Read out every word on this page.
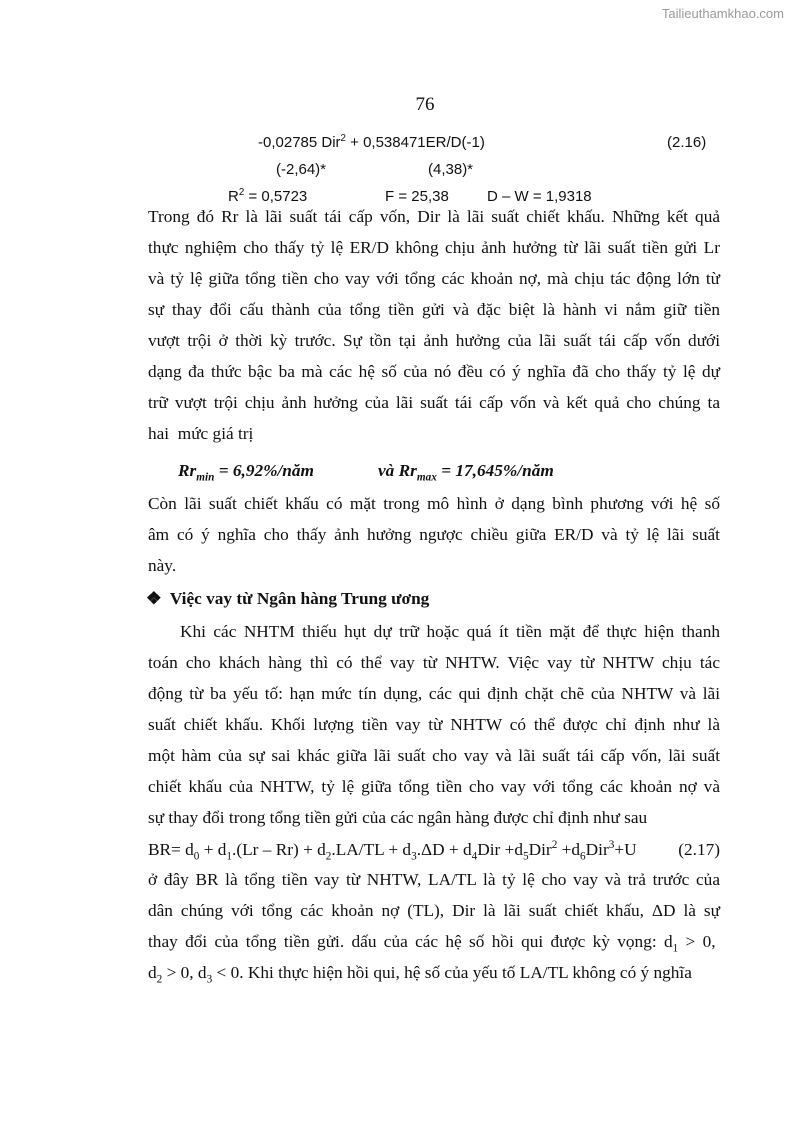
Tailieuthamkhao.com
76
-0,02785 Dir$^2$ + 0,538471ER/D(-1)	(2.16)
(-2,64)*	(4,38)*
$R^2 = 0,5723$	F = 25,38	D – W = 1,9318
Trong đó Rr là lãi suất tái cấp vốn, Dir là lãi suất chiết khấu. Những kết quả
thực nghiệm cho thấy tỷ lệ ER/D không chịu ảnh hưởng từ lãi suất tiền gửi Lr
và tỷ lệ giữa tổng tiền cho vay với tổng các khoản nợ, mà chịu tác động lớn từ
sự thay đổi cấu thành của tổng tiền gửi và đặc biệt là hành vi nắm giữ tiền
vượt trội ở thời kỳ trước. Sự tồn tại ảnh hưởng của lãi suất tái cấp vốn dưới
dạng đa thức bậc ba mà các hệ số của nó đều có ý nghĩa đã cho thấy tỷ lệ dự
trữ vượt trội chịu ảnh hưởng của lãi suất tái cấp vốn và kết quả cho chúng ta
hai  mức giá trị
$Rr_{min}$ = 6,92%/năm	và $Rr_{max}$ = 17,645%/năm
Còn lãi suất chiết khấu có mặt trong mô hình ở dạng bình phương với hệ số
âm có ý nghĩa cho thấy ảnh hưởng ngược chiều giữa ER/D và tỷ lệ lãi suất
này.
❖ Việc vay từ Ngân hàng Trung ương
Khi các NHTM thiếu hụt dự trữ hoặc quá ít tiền mặt để thực hiện thanh
toán cho khách hàng thì có thể vay từ NHTW. Việc vay từ NHTW chịu tác
động từ ba yếu tố: hạn mức tín dụng, các qui định chặt chẽ của NHTW và lãi
suất chiết khấu. Khối lượng tiền vay từ NHTW có thể được chỉ định như là
một hàm của sự sai khác giữa lãi suất cho vay và lãi suất tái cấp vốn, lãi suất
chiết khấu của NHTW, tỷ lệ giữa tổng tiền cho vay với tổng các khoản nợ và
sự thay đổi trong tổng tiền gửi của các ngân hàng được chỉ định như sau
$BR= d_0 + d_1.(Lr - Rr) + d_2.LA/TL + d_3.\Delta D + d_4Dir +d_5Dir^2 +d_6Dir^3+U$ (2.17)
ở đây BR là tổng tiền vay từ NHTW, LA/TL là tỷ lệ cho vay và trả trước của
dân chúng với tổng các khoản nợ (TL), Dir là lãi suất chiết khấu, ΔD là sự
thay đổi của tổng tiền gửi. dấu của các hệ số hồi qui được kỳ vọng: $d_1 > 0$,
$d_2 > 0$, $d_3 < 0$. Khi thực hiện hồi qui, hệ số của yếu tố LA/TL không có ý nghĩa
